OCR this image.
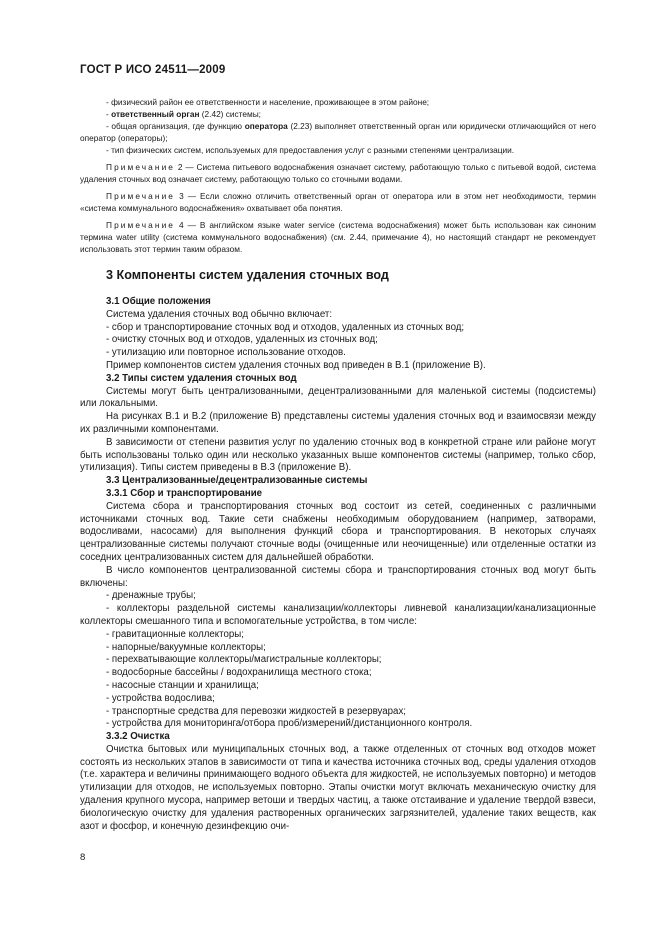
ГОСТ Р ИСО 24511—2009

- физический район ее ответственности и население, проживающее в этом районе;

- ответственный орган (2.42) системы;

- общая организация, где функцию оператора (2.23) выполняет ответственный орган или юридически отличающийся от него оператор (операторы);

- тип физических систем, используемых для предоставления услуг с разными степенями централизации.

Примечание 2 — Система питьевого водоснабжения означает систему, работающую только с питьевой водой, система удаления сточных вод означает систему, работающую только со сточными водами.

Примечание 3 — Если сложно отличить ответственный орган от оператора или в этом нет необходимости, термин «система коммунального водоснабжения» охватывает оба понятия.

Примечание 4 — В английском языке water service (система водоснабжения) может быть использован как синоним термина water utility (система коммунального водоснабжения) (см. 2.44, примечание 4), но настоящий стандарт не рекомендует использовать этот термин таким образом.

3 Компоненты систем удаления сточных вод

3.1 Общие положения

Система удаления сточных вод обычно включает:

- сбор и транспортирование сточных вод и отходов, удаленных из сточных вод;

- очистку сточных вод и отходов, удаленных из сточных вод;

- утилизацию или повторное использование отходов.

Пример компонентов систем удаления сточных вод приведен в В.1 (приложение В).

3.2 Типы систем удаления сточных вод

Системы могут быть централизованными, децентрализованными для маленькой системы (подсистемы) или локальными.

На рисунках В.1 и В.2 (приложение В) представлены системы удаления сточных вод и взаимосвязи между их различными компонентами.

В зависимости от степени развития услуг по удалению сточных вод в конкретной стране или районе могут быть использованы только один или несколько указанных выше компонентов системы (например, только сбор, утилизация). Типы систем приведены в В.3 (приложение В).

3.3 Централизованные/децентрализованные системы

3.3.1 Сбор и транспортирование

Система сбора и транспортирования сточных вод состоит из сетей, соединенных с различными источниками сточных вод. Такие сети снабжены необходимым оборудованием (например, затворами, водосливами, насосами) для выполнения функций сбора и транспортирования. В некоторых случаях централизованные системы получают сточные воды (очищенные или неочищенные) или отделенные остатки из соседних централизованных систем для дальнейшей обработки.

В число компонентов централизованной системы сбора и транспортирования сточных вод могут быть включены:

- дренажные трубы;

- коллекторы раздельной системы канализации/коллекторы ливневой канализации/канализационные коллекторы смешанного типа и вспомогательные устройства, в том числе:

- гравитационные коллекторы;

- напорные/вакуумные коллекторы;

- перехватывающие коллекторы/магистральные коллекторы;

- водосборные бассейны / водохранилища местного стока;

- насосные станции и хранилища;

- устройства водослива;

- транспортные средства для перевозки жидкостей в резервуарах;

- устройства для мониторинга/отбора проб/измерений/дистанционного контроля.

3.3.2 Очистка

Очистка бытовых или муниципальных сточных вод, а также отделенных от сточных вод отходов может состоять из нескольких этапов в зависимости от типа и качества источника сточных вод, среды удаления отходов (т.е. характера и величины принимающего водного объекта для жидкостей, не используемых повторно) и методов утилизации для отходов, не используемых повторно. Этапы очистки могут включать механическую очистку для удаления крупного мусора, например ветоши и твердых частиц, а также отстаивание и удаление твердой взвеси, биологическую очистку для удаления растворенных органических загрязнителей, удаление таких веществ, как азот и фосфор, и конечную дезинфекцию очи-

8
